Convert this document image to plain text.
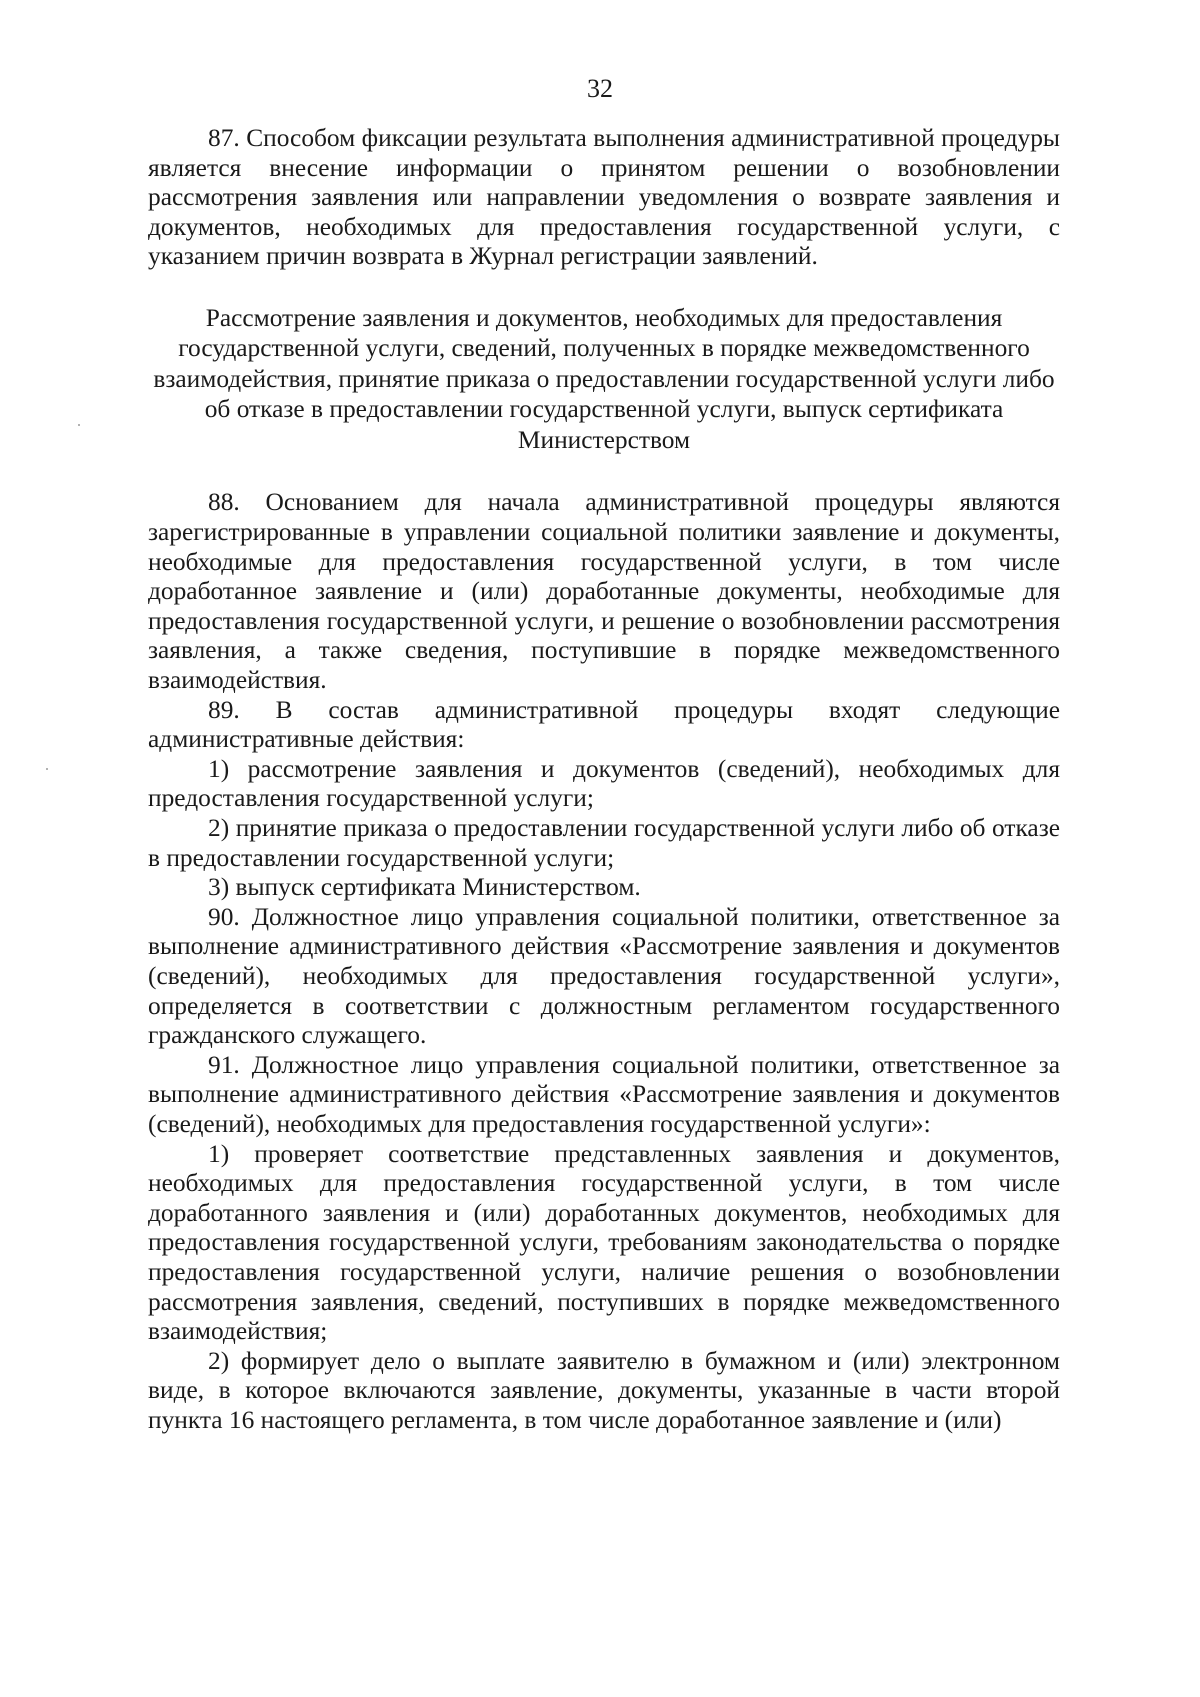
32

87. Способом фиксации результата выполнения административной процедуры является внесение информации о принятом решении о возобновлении рассмотрения заявления или направлении уведомления о возврате заявления и документов, необходимых для предоставления государственной услуги, с указанием причин возврата в Журнал регистрации заявлений.

Рассмотрение заявления и документов, необходимых для предоставления государственной услуги, сведений, полученных в порядке межведомственного взаимодействия, принятие приказа о предоставлении государственной услуги либо об отказе в предоставлении государственной услуги, выпуск сертификата Министерством

88. Основанием для начала административной процедуры являются зарегистрированные в управлении социальной политики заявление и документы, необходимые для предоставления государственной услуги, в том числе доработанное заявление и (или) доработанные документы, необходимые для предоставления государственной услуги, и решение о возобновлении рассмотрения заявления, а также сведения, поступившие в порядке межведомственного взаимодействия.

89. В состав административной процедуры входят следующие административные действия:

1) рассмотрение заявления и документов (сведений), необходимых для предоставления государственной услуги;

2) принятие приказа о предоставлении государственной услуги либо об отказе в предоставлении государственной услуги;

3) выпуск сертификата Министерством.

90. Должностное лицо управления социальной политики, ответственное за выполнение административного действия «Рассмотрение заявления и документов (сведений), необходимых для предоставления государственной услуги», определяется в соответствии с должностным регламентом государственного гражданского служащего.

91. Должностное лицо управления социальной политики, ответственное за выполнение административного действия «Рассмотрение заявления и документов (сведений), необходимых для предоставления государственной услуги»:

1) проверяет соответствие представленных заявления и документов, необходимых для предоставления государственной услуги, в том числе доработанного заявления и (или) доработанных документов, необходимых для предоставления государственной услуги, требованиям законодательства о порядке предоставления государственной услуги, наличие решения о возобновлении рассмотрения заявления, сведений, поступивших в порядке межведомственного взаимодействия;

2) формирует дело о выплате заявителю в бумажном и (или) электронном виде, в которое включаются заявление, документы, указанные в части второй пункта 16 настоящего регламента, в том числе доработанное заявление и (или)
